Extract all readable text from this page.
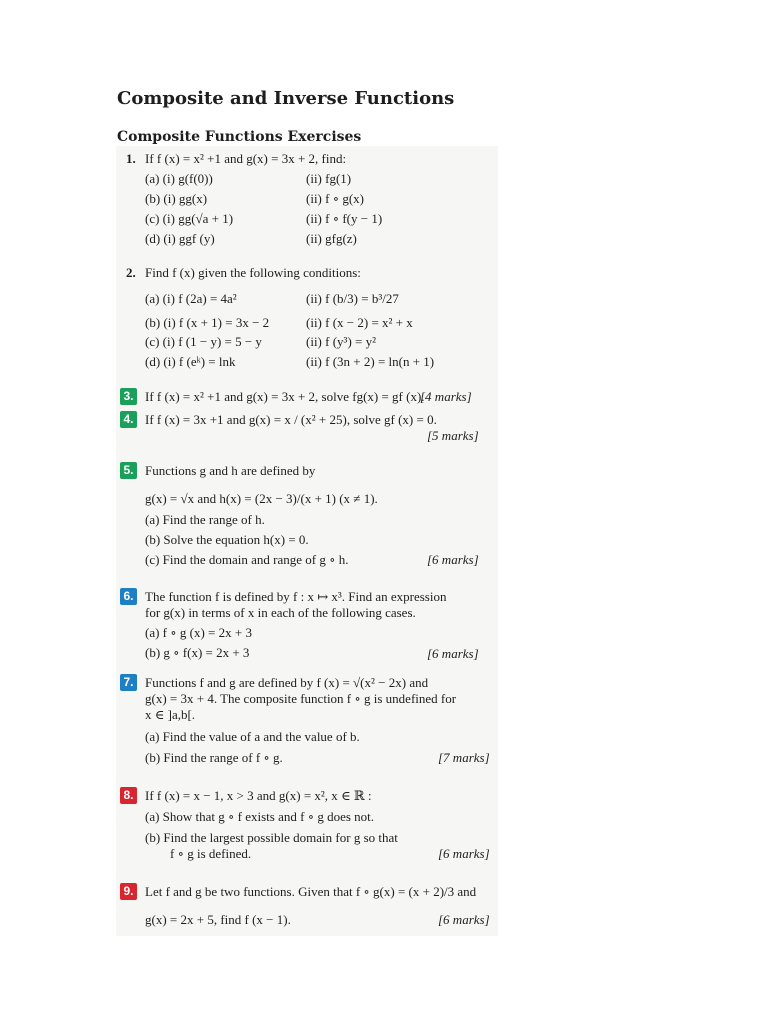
Composite and Inverse Functions
Composite Functions Exercises
1. If f (x) = x² +1 and g(x) = 3x + 2, find:
(a) (i) g(f(0))	(ii) fg(1)
(b) (i) gg(x)	(ii) f ∘ g(x)
(c) (i) gg(√a + 1)	(ii) f ∘ f(y − 1)
(d) (i) ggf (y)	(ii) gfg(z)
2. Find f (x) given the following conditions:
(a) (i) f (2a) = 4a²	(ii) f (b/3) = b³/27
(b) (i) f (x + 1) = 3x − 2	(ii) f (x − 2) = x² + x
(c) (i) f (1 − y) = 5 − y	(ii) f (y³) = y²
(d) (i) f (eᵏ) = lnk	(ii) f (3n + 2) = ln(n + 1)
3. If f (x) = x² +1 and g(x) = 3x + 2, solve fg(x) = gf (x).
[4 marks]
4. If f (x) = 3x +1 and g(x) = x / (x² + 25), solve gf (x) = 0.
[5 marks]
5. Functions g and h are defined by
g(x) = √x and h(x) = (2x − 3)/(x + 1) (x ≠ 1).
(a) Find the range of h.
(b) Solve the equation h(x) = 0.
(c) Find the domain and range of g ∘ h.	[6 marks]
6. The function f is defined by f : x ↦ x³. Find an expression
for g(x) in terms of x in each of the following cases.
(a) f ∘ g (x) = 2x + 3
(b) g ∘ f(x) = 2x + 3	[6 marks]
7. Functions f and g are defined by f (x) = √(x² − 2x) and
g(x) = 3x + 4. The composite function f ∘ g is undefined for
x ∈ ]a,b[.
(a) Find the value of a and the value of b.
(b) Find the range of f ∘ g.	[7 marks]
8. If f (x) = x − 1, x > 3 and g(x) = x², x ∈ ℝ :
(a) Show that g ∘ f exists and f ∘ g does not.
(b) Find the largest possible domain for g so that
f ∘ g is defined.	[6 marks]
9. Let f and g be two functions. Given that f ∘ g(x) = (x + 2)/3 and
g(x) = 2x + 5, find f (x − 1).	[6 marks]
